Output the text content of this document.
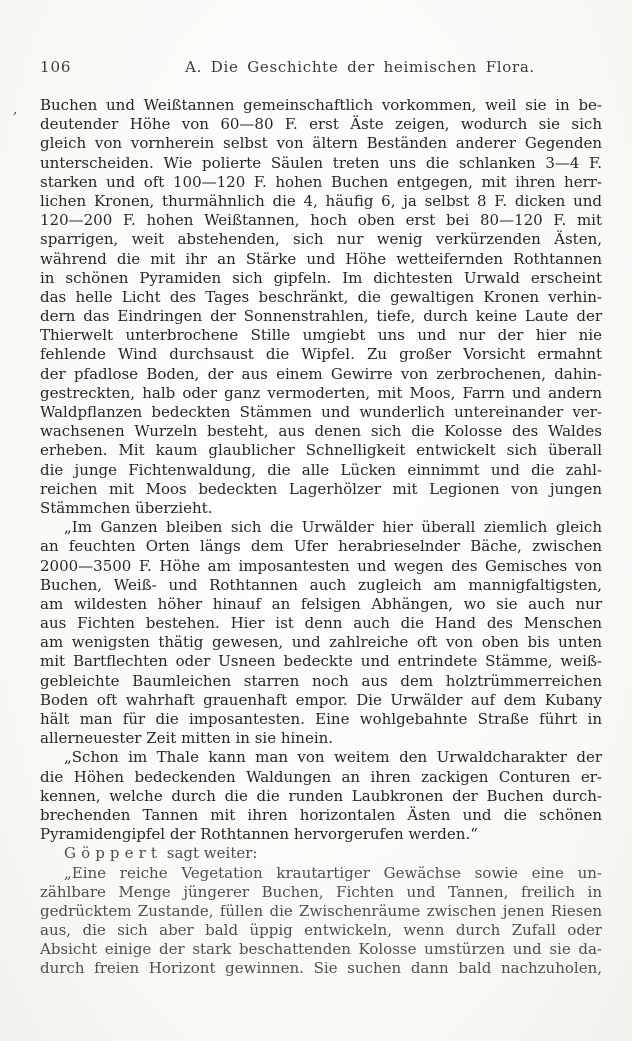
106	A. Die Geschichte der heimischen Flora.
’
Buchen und Weißtannen gemeinschaftlich vorkommen, weil sie in be-
deutender Höhe von 60—80 F. erst Äste zeigen, wodurch sie sich
gleich von vornherein selbst von ältern Beständen anderer Gegenden
unterscheiden. Wie polierte Säulen treten uns die schlanken 3—4 F.
starken und oft 100—120 F. hohen Buchen entgegen, mit ihren herr-
lichen Kronen, thurmähnlich die 4, häufig 6, ja selbst 8 F. dicken und
120—200 F. hohen Weißtannen, hoch oben erst bei 80—120 F. mit
sparrigen, weit abstehenden, sich nur wenig verkürzenden Ästen,
während die mit ihr an Stärke und Höhe wetteifernden Rothtannen
in schönen Pyramiden sich gipfeln. Im dichtesten Urwald erscheint
das helle Licht des Tages beschränkt, die gewaltigen Kronen verhin-
dern das Eindringen der Sonnenstrahlen, tiefe, durch keine Laute der
Thierwelt unterbrochene Stille umgiebt uns und nur der hier nie
fehlende Wind durchsaust die Wipfel. Zu großer Vorsicht ermahnt
der pfadlose Boden, der aus einem Gewirre von zerbrochenen, dahin-
gestreckten, halb oder ganz vermoderten, mit Moos, Farrn und andern
Waldpflanzen bedeckten Stämmen und wunderlich untereinander ver-
wachsenen Wurzeln besteht, aus denen sich die Kolosse des Waldes
erheben. Mit kaum glaublicher Schnelligkeit entwickelt sich überall
die junge Fichtenwaldung, die alle Lücken einnimmt und die zahl-
reichen mit Moos bedeckten Lagerhölzer mit Legionen von jungen
Stämmchen überzieht.
„Im Ganzen bleiben sich die Urwälder hier überall ziemlich gleich
an feuchten Orten längs dem Ufer herabrieselnder Bäche, zwischen
2000—3500 F. Höhe am imposantesten und wegen des Gemisches von
Buchen, Weiß- und Rothtannen auch zugleich am mannigfaltigsten,
am wildesten höher hinauf an felsigen Abhängen, wo sie auch nur
aus Fichten bestehen. Hier ist denn auch die Hand des Menschen
am wenigsten thätig gewesen, und zahlreiche oft von oben bis unten
mit Bartflechten oder Usneen bedeckte und entrindete Stämme, weiß-
gebleichte Baumleichen starren noch aus dem holztrümmerreichen
Boden oft wahrhaft grauenhaft empor. Die Urwälder auf dem Kubany
hält man für die imposantesten. Eine wohlgebahnte Straße führt in
allerneuester Zeit mitten in sie hinein.
„Schon im Thale kann man von weitem den Urwaldcharakter der
die Höhen bedeckenden Waldungen an ihren zackigen Conturen er-
kennen, welche durch die die runden Laubkronen der Buchen durch-
brechenden Tannen mit ihren horizontalen Ästen und die schönen
Pyramidengipfel der Rothtannen hervorgerufen werden.“
Göppert sagt weiter:
„Eine reiche Vegetation krautartiger Gewächse sowie eine un-
zählbare Menge jüngerer Buchen, Fichten und Tannen, freilich in
gedrücktem Zustande, füllen die Zwischenräume zwischen jenen Riesen
aus, die sich aber bald üppig entwickeln, wenn durch Zufall oder
Absicht einige der stark beschattenden Kolosse umstürzen und sie da-
durch freien Horizont gewinnen. Sie suchen dann bald nachzuholen,
